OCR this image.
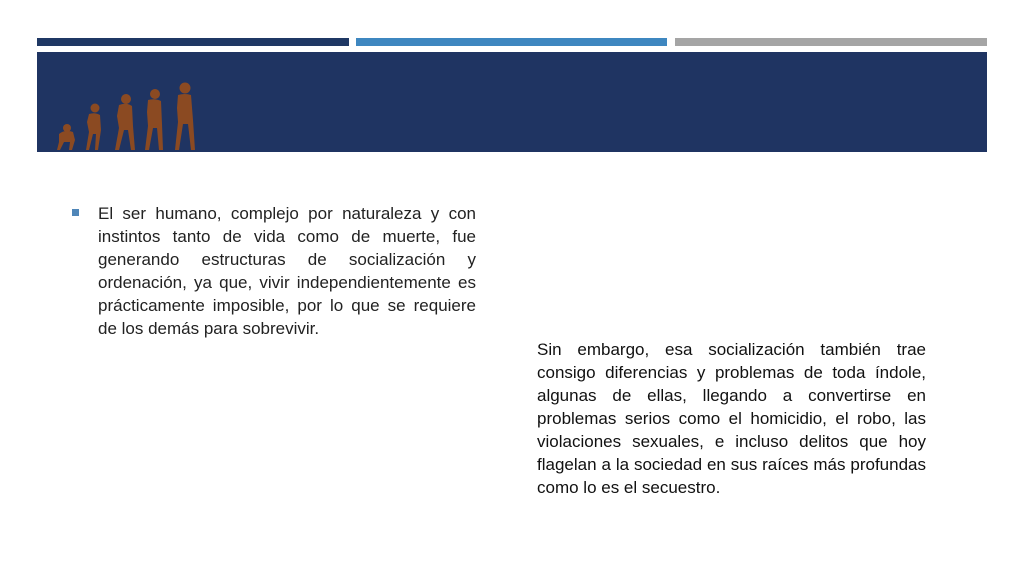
El ser humano, complejo por naturaleza y con instintos tanto de vida como de muerte, fue generando estructuras de socialización y ordenación, ya que, vivir independientemente es prácticamente imposible, por lo que se requiere de los demás para sobrevivir.

Sin embargo, esa socialización también trae consigo diferencias y problemas de toda índole, algunas de ellas, llegando a convertirse en problemas serios como el homicidio, el robo, las violaciones sexuales, e incluso delitos que hoy flagelan a la sociedad en sus raíces más profundas como lo es el secuestro.
